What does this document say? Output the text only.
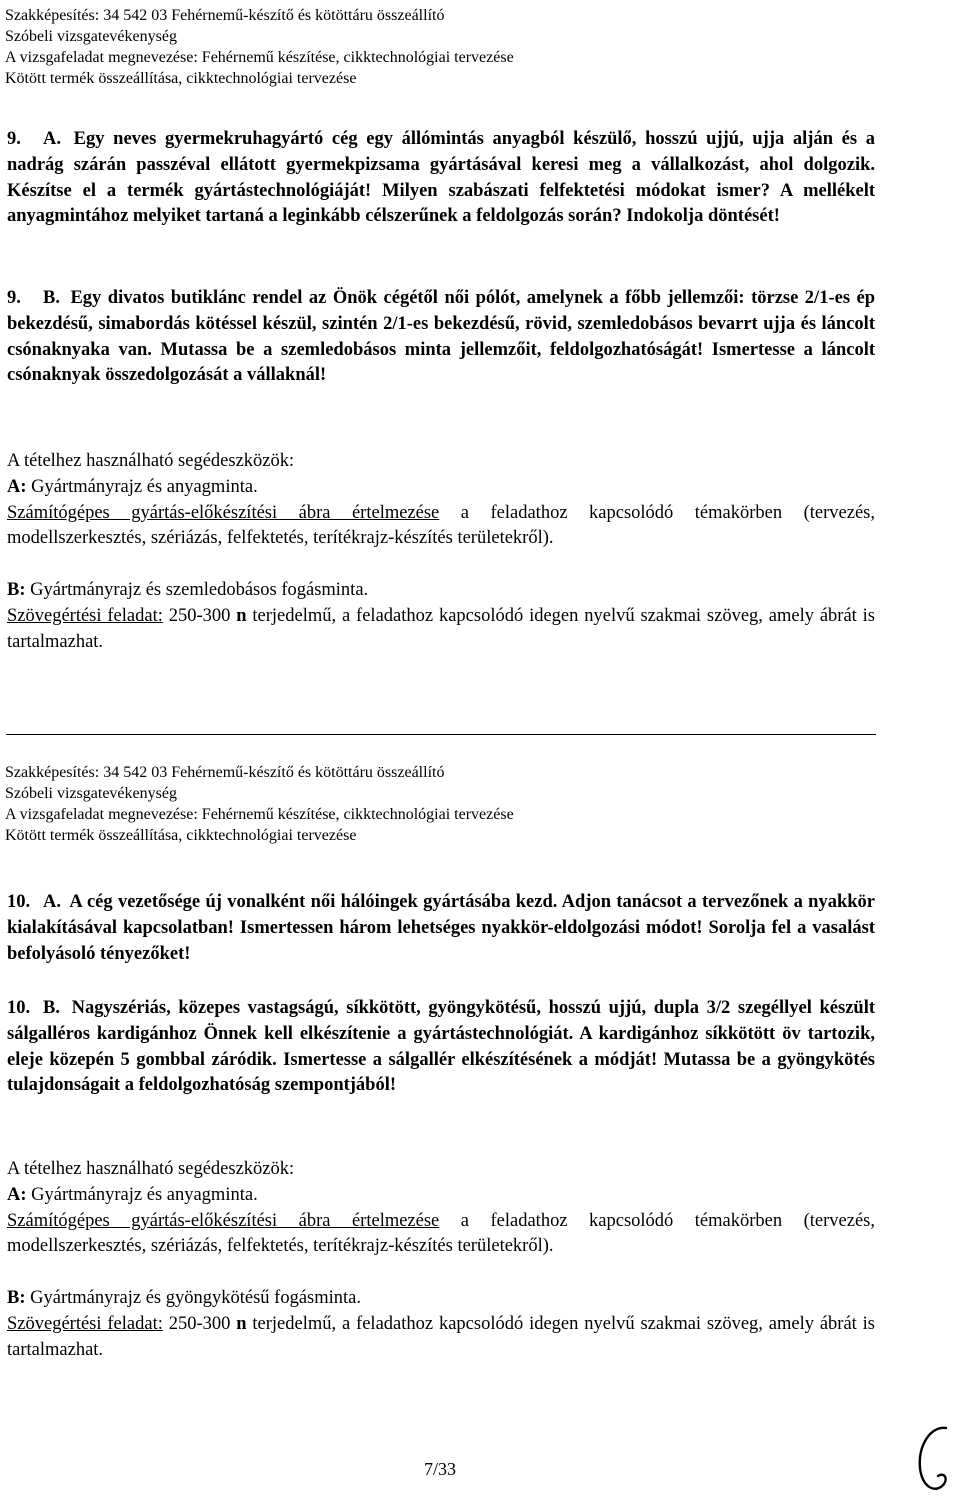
Szakképesítés: 34 542 03 Fehérnemű-készítő és kötöttáru összeállító
Szóbeli vizsgatevékenység
A vizsgafeladat megnevezése: Fehérnemű készítése, cikktechnológiai tervezése
Kötött termék összeállítása, cikktechnológiai tervezése
9. A. Egy neves gyermekruhagyártó cég egy állómintás anyagból készülő, hosszú ujjú, ujja alján és a nadrág szárán passzéval ellátott gyermekpizsama gyártásával keresi meg a vállalkozást, ahol dolgozik. Készítse el a termék gyártástechnológiáját! Milyen szabászati felfektetési módokat ismer? A mellékelt anyagmintához melyiket tartaná a leginkább célszerűnek a feldolgozás során? Indokolja döntését!
9. B. Egy divatos butiklánc rendel az Önök cégétől női pólót, amelynek a főbb jellemzői: törzse 2/1-es ép bekezdésű, simabordás kötéssel készül, szintén 2/1-es bekezdésű, rövid, szemledobásos bevarrt ujja és láncolt csónaknyaka van. Mutassa be a szemledobásos minta jellemzőit, feldolgozhatóságát! Ismertesse a láncolt csónaknyak összedolgozását a vállaknál!
A tételhez használható segédeszközök:
A: Gyártmányrajz és anyagminta.
Számítógépes gyártás-előkészítési ábra értelmezése a feladathoz kapcsolódó témakörben (tervezés, modellszerkesztés, szériázás, felfektetés, terítékrajz-készítés területekről).
B: Gyártmányrajz és szemledobásos fogásminta.
Szövegértési feladat: 250-300 n terjedelmű, a feladathoz kapcsolódó idegen nyelvű szakmai szöveg, amely ábrát is tartalmazhat.
Szakképesítés: 34 542 03 Fehérnemű-készítő és kötöttáru összeállító
Szóbeli vizsgatevékenység
A vizsgafeladat megnevezése: Fehérnemű készítése, cikktechnológiai tervezése
Kötött termék összeállítása, cikktechnológiai tervezése
10. A. A cég vezetősége új vonalként női hálóingek gyártásába kezd. Adjon tanácsot a tervezőnek a nyakkör kialakításával kapcsolatban! Ismertessen három lehetséges nyakkör-eldolgozási módot! Sorolja fel a vasalást befolyásoló tényezőket!
10. B. Nagyszériás, közepes vastagságú, síkkötött, gyöngykötésű, hosszú ujjú, dupla 3/2 szegéllyel készült sálgalléros kardigánhoz Önnek kell elkészítenie a gyártástechnológiát. A kardigánhoz síkkötött öv tartozik, eleje közepén 5 gombbal záródik. Ismertesse a sálgallér elkészítésének a módját! Mutassa be a gyöngykötés tulajdonságait a feldolgozhatóság szempontjából!
A tételhez használható segédeszközök:
A: Gyártmányrajz és anyagminta.
Számítógépes gyártás-előkészítési ábra értelmezése a feladathoz kapcsolódó témakörben (tervezés, modellszerkesztés, szériázás, felfektetés, terítékrajz-készítés területekről).
B: Gyártmányrajz és gyöngykötésű fogásminta.
Szövegértési feladat: 250-300 n terjedelmű, a feladathoz kapcsolódó idegen nyelvű szakmai szöveg, amely ábrát is tartalmazhat.
7/33
